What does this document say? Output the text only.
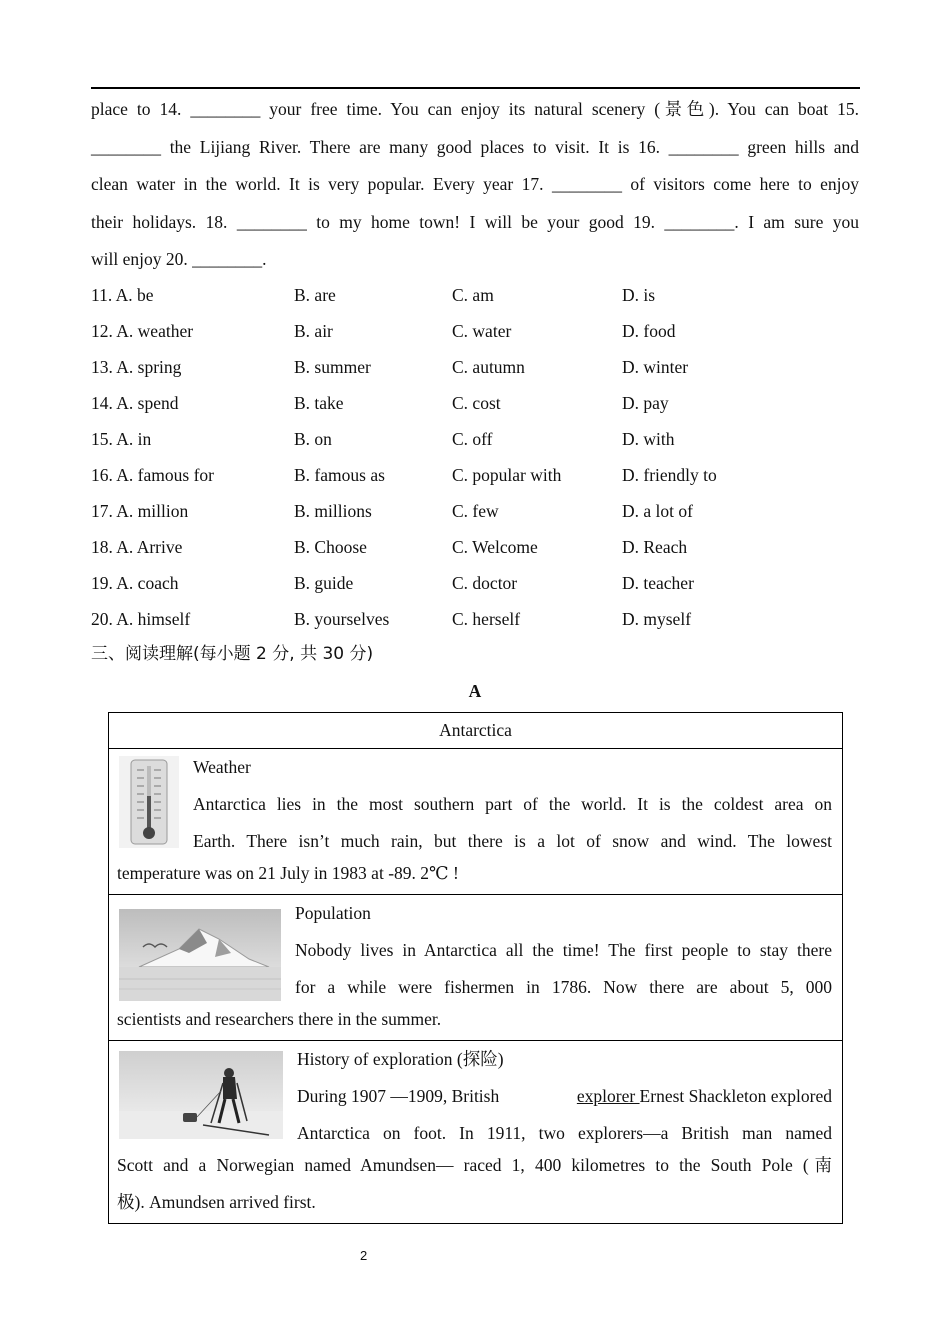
place to 14. ________ your free time. You can enjoy its natural scenery (景色). You can boat 15.
________ the Lijiang River. There are many good places to visit. It is 16. ________ green hills and
clean water in the world. It is very popular. Every year 17. ________ of visitors come here to enjoy
their holidays. 18. ________ to my home town! I will be your good 19. ________. I am sure you
will enjoy 20. ________.
11. A. be	B. are	C. am	D. is
12. A. weather	B. air	C. water	D. food
13. A. spring	B. summer	C. autumn	D. winter
14. A. spend	B. take	C. cost	D. pay
15. A. in	B. on	C. off	D. with
16. A. famous for	B. famous as	C. popular with	D. friendly to
17. A. million	B. millions	C. few	D. a lot of
18. A. Arrive	B. Choose	C. Welcome	D. Reach
19. A. coach	B. guide	C. doctor	D. teacher
20. A. himself	B. yourselves	C. herself	D. myself
三、阅读理解(每小题 2 分, 共 30 分)
A
Antarctica
Weather
Antarctica lies in the most southern part of the world. It is the coldest area on
Earth. There isn’t much rain, but there is a lot of snow and wind. The lowest
temperature was on 21 July in 1983 at -89. 2℃ !
Population
Nobody lives in Antarctica all the time! The first people to stay there
for a while were fishermen in 1786. Now there are about 5, 000
scientists and researchers there in the summer.
History of exploration (探险)
During 1907 —1909, British	explorer Ernest Shackleton explored
Antarctica on foot. In 1911, two explorers—a British man named
Scott and a Norwegian named Amundsen— raced 1, 400 kilometres to the South Pole (南
极). Amundsen arrived first.
2
